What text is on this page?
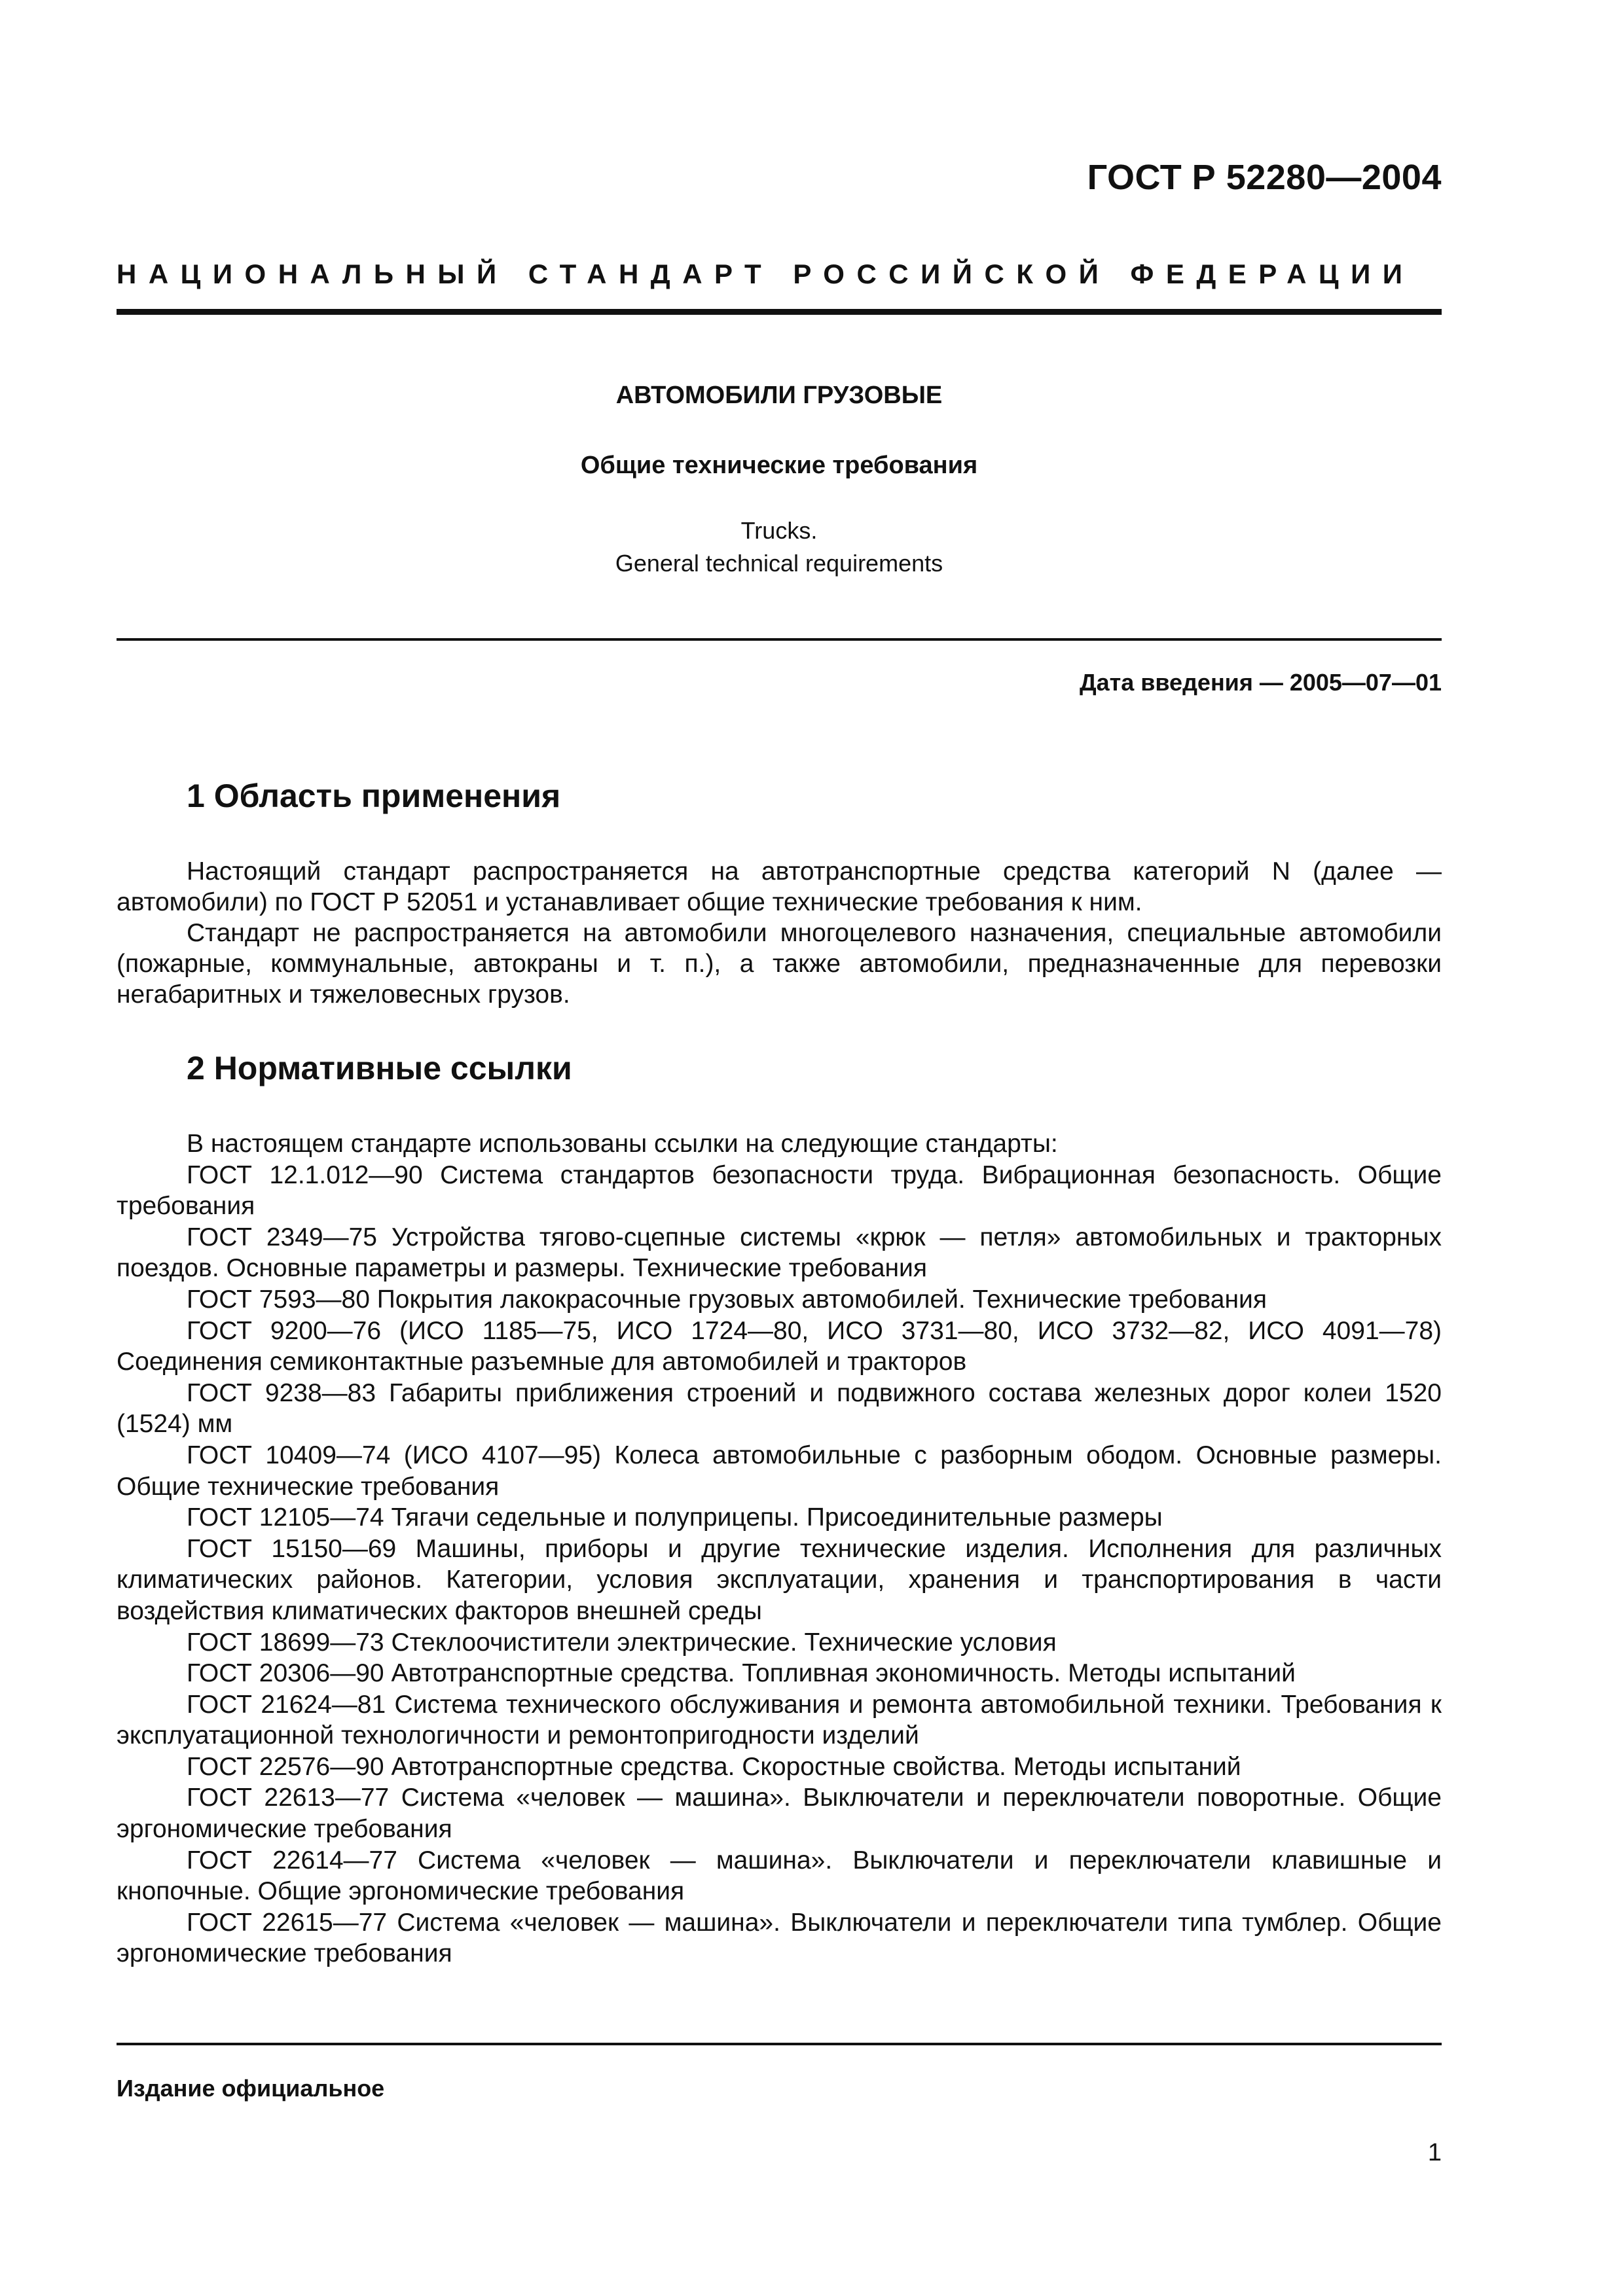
ГОСТ Р 52280—2004
НАЦИОНАЛЬНЫЙ СТАНДАРТ РОССИЙСКОЙ ФЕДЕРАЦИИ
АВТОМОБИЛИ ГРУЗОВЫЕ
Общие технические требования
Trucks.
General technical requirements
Дата введения — 2005—07—01
1 Область применения

Настоящий стандарт распространяется на автотранспортные средства категорий N (далее — автомобили) по ГОСТ Р 52051 и устанавливает общие технические требования к ним.

Стандарт не распространяется на автомобили многоцелевого назначения, специальные автомобили (пожарные, коммунальные, автокраны и т. п.), а также автомобили, предназначенные для перевозки негабаритных и тяжеловесных грузов.

2 Нормативные ссылки

В настоящем стандарте использованы ссылки на следующие стандарты:

ГОСТ 12.1.012—90 Система стандартов безопасности труда. Вибрационная безопасность. Общие требования

ГОСТ 2349—75 Устройства тягово-сцепные системы «крюк — петля» автомобильных и тракторных поездов. Основные параметры и размеры. Технические требования

ГОСТ 7593—80 Покрытия лакокрасочные грузовых автомобилей. Технические требования

ГОСТ 9200—76 (ИСО 1185—75, ИСО 1724—80, ИСО 3731—80, ИСО 3732—82, ИСО 4091—78) Соединения семиконтактные разъемные для автомобилей и тракторов

ГОСТ 9238—83 Габариты приближения строений и подвижного состава железных дорог колеи 1520 (1524) мм

ГОСТ 10409—74 (ИСО 4107—95) Колеса автомобильные с разборным ободом. Основные размеры. Общие технические требования

ГОСТ 12105—74 Тягачи седельные и полуприцепы. Присоединительные размеры

ГОСТ 15150—69 Машины, приборы и другие технические изделия. Исполнения для различных климатических районов. Категории, условия эксплуатации, хранения и транспортирования в части воздействия климатических факторов внешней среды

ГОСТ 18699—73 Стеклоочистители электрические. Технические условия

ГОСТ 20306—90 Автотранспортные средства. Топливная экономичность. Методы испытаний

ГОСТ 21624—81 Система технического обслуживания и ремонта автомобильной техники. Требования к эксплуатационной технологичности и ремонтопригодности изделий

ГОСТ 22576—90 Автотранспортные средства. Скоростные свойства. Методы испытаний

ГОСТ 22613—77 Система «человек — машина». Выключатели и переключатели поворотные. Общие эргономические требования

ГОСТ 22614—77 Система «человек — машина». Выключатели и переключатели клавишные и кнопочные. Общие эргономические требования

ГОСТ 22615—77 Система «человек — машина». Выключатели и переключатели типа тумблер. Общие эргономические требования

Издание официальное
1
